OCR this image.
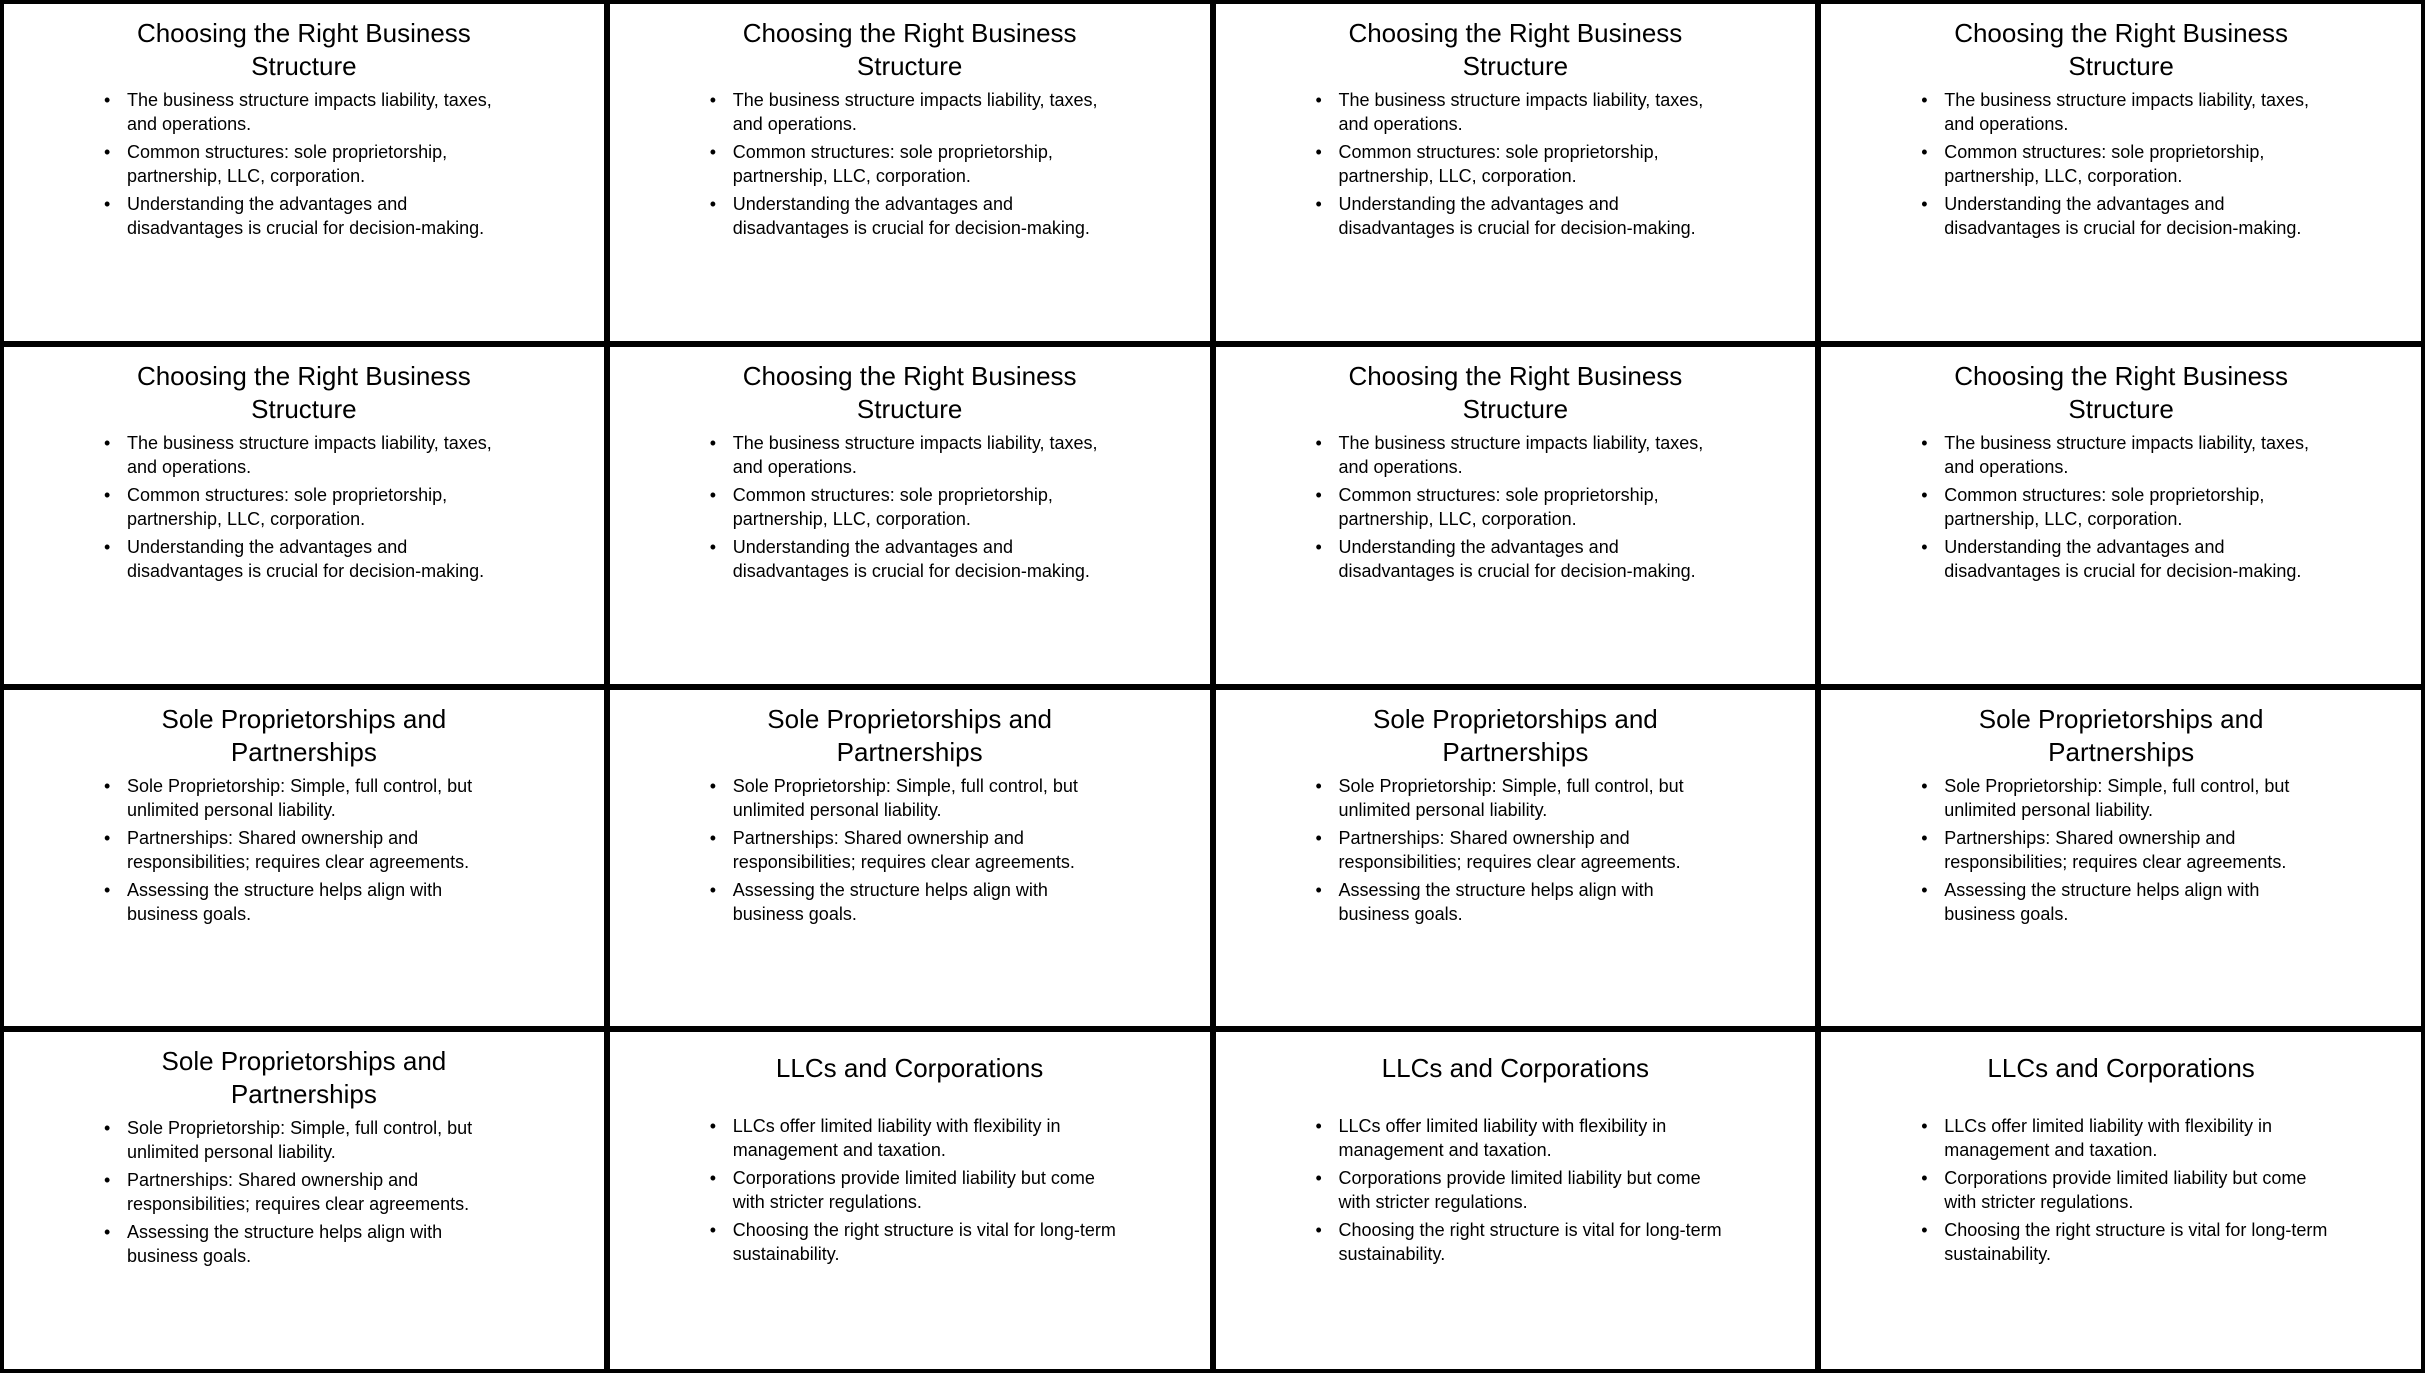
Choosing the Right Business Structure
• The business structure impacts liability, taxes, and operations.
• Common structures: sole proprietorship, partnership, LLC, corporation.
• Understanding the advantages and disadvantages is crucial for decision-making.
Choosing the Right Business Structure
• The business structure impacts liability, taxes, and operations.
• Common structures: sole proprietorship, partnership, LLC, corporation.
• Understanding the advantages and disadvantages is crucial for decision-making.
Choosing the Right Business Structure
• The business structure impacts liability, taxes, and operations.
• Common structures: sole proprietorship, partnership, LLC, corporation.
• Understanding the advantages and disadvantages is crucial for decision-making.
Choosing the Right Business Structure
• The business structure impacts liability, taxes, and operations.
• Common structures: sole proprietorship, partnership, LLC, corporation.
• Understanding the advantages and disadvantages is crucial for decision-making.
Choosing the Right Business Structure
• The business structure impacts liability, taxes, and operations.
• Common structures: sole proprietorship, partnership, LLC, corporation.
• Understanding the advantages and disadvantages is crucial for decision-making.
Choosing the Right Business Structure
• The business structure impacts liability, taxes, and operations.
• Common structures: sole proprietorship, partnership, LLC, corporation.
• Understanding the advantages and disadvantages is crucial for decision-making.
Choosing the Right Business Structure
• The business structure impacts liability, taxes, and operations.
• Common structures: sole proprietorship, partnership, LLC, corporation.
• Understanding the advantages and disadvantages is crucial for decision-making.
Choosing the Right Business Structure
• The business structure impacts liability, taxes, and operations.
• Common structures: sole proprietorship, partnership, LLC, corporation.
• Understanding the advantages and disadvantages is crucial for decision-making.
Sole Proprietorships and Partnerships
• Sole Proprietorship: Simple, full control, but unlimited personal liability.
• Partnerships: Shared ownership and responsibilities; requires clear agreements.
• Assessing the structure helps align with business goals.
Sole Proprietorships and Partnerships
• Sole Proprietorship: Simple, full control, but unlimited personal liability.
• Partnerships: Shared ownership and responsibilities; requires clear agreements.
• Assessing the structure helps align with business goals.
Sole Proprietorships and Partnerships
• Sole Proprietorship: Simple, full control, but unlimited personal liability.
• Partnerships: Shared ownership and responsibilities; requires clear agreements.
• Assessing the structure helps align with business goals.
Sole Proprietorships and Partnerships
• Sole Proprietorship: Simple, full control, but unlimited personal liability.
• Partnerships: Shared ownership and responsibilities; requires clear agreements.
• Assessing the structure helps align with business goals.
Sole Proprietorships and Partnerships
• Sole Proprietorship: Simple, full control, but unlimited personal liability.
• Partnerships: Shared ownership and responsibilities; requires clear agreements.
• Assessing the structure helps align with business goals.
LLCs and Corporations
• LLCs offer limited liability with flexibility in management and taxation.
• Corporations provide limited liability but come with stricter regulations.
• Choosing the right structure is vital for long-term sustainability.
LLCs and Corporations
• LLCs offer limited liability with flexibility in management and taxation.
• Corporations provide limited liability but come with stricter regulations.
• Choosing the right structure is vital for long-term sustainability.
LLCs and Corporations
• LLCs offer limited liability with flexibility in management and taxation.
• Corporations provide limited liability but come with stricter regulations.
• Choosing the right structure is vital for long-term sustainability.
